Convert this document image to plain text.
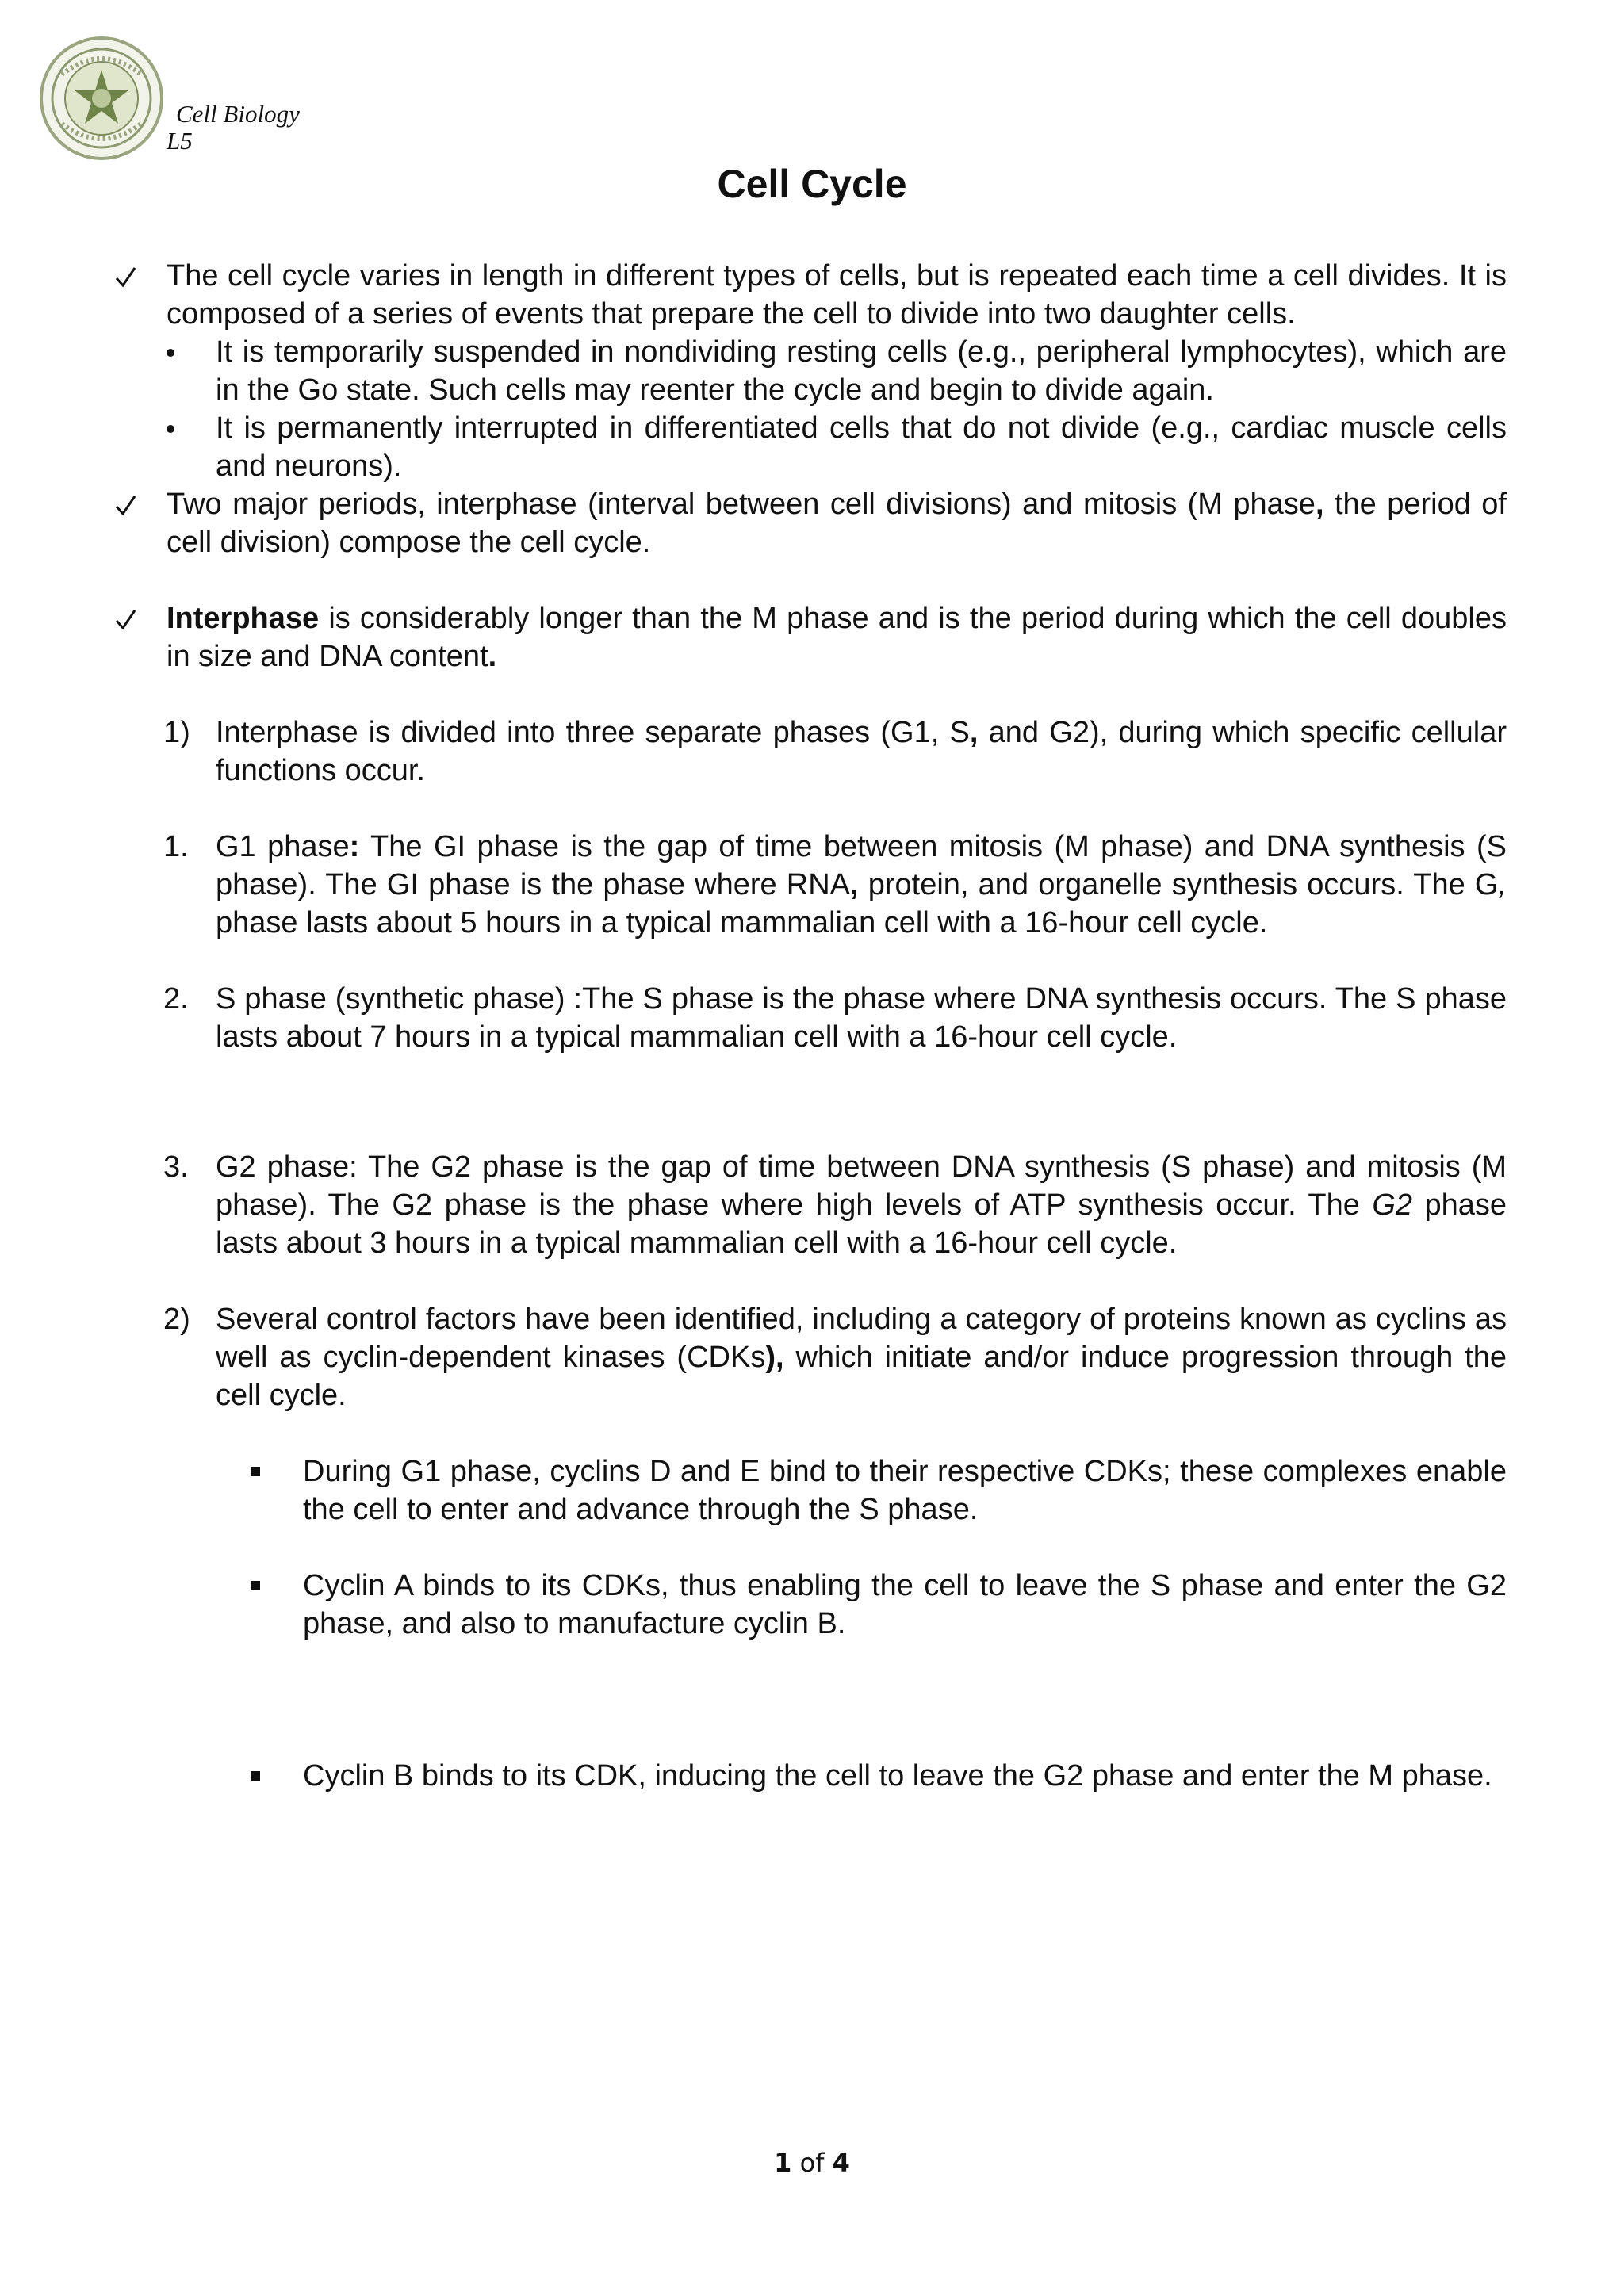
Cell Biology
L5
Cell Cycle
The cell cycle varies in length in different types of cells, but is repeated each time a cell divides. It is composed of a series of events that prepare the cell to divide into two daughter cells.
It is temporarily suspended in nondividing resting cells (e.g., peripheral lymphocytes), which are in the Go state. Such cells may reenter the cycle and begin to divide again.
It is permanently interrupted in differentiated cells that do not divide (e.g., cardiac muscle cells and neurons).
Two major periods, interphase (interval between cell divisions) and mitosis (M phase, the period of cell division) compose the cell cycle.
Interphase is considerably longer than the M phase and is the period during which the cell doubles in size and DNA content.
1) Interphase is divided into three separate phases (G1, S, and G2), during which specific cellular functions occur.
1. G1 phase: The GI phase is the gap of time between mitosis (M phase) and DNA synthesis (S phase). The GI phase is the phase where RNA, protein, and organelle synthesis occurs. The G, phase lasts about 5 hours in a typical mammalian cell with a 16-hour cell cycle.
2. S phase (synthetic phase) :The S phase is the phase where DNA synthesis occurs. The S phase lasts about 7 hours in a typical mammalian cell with a 16-hour cell cycle.
3. G2 phase: The G2 phase is the gap of time between DNA synthesis (S phase) and mitosis (M phase). The G2 phase is the phase where high levels of ATP synthesis occur. The G2 phase lasts about 3 hours in a typical mammalian cell with a 16-hour cell cycle.
2) Several control factors have been identified, including a category of proteins known as cyclins as well as cyclin-dependent kinases (CDKs), which initiate and/or induce progression through the cell cycle.
During G1 phase, cyclins D and E bind to their respective CDKs; these complexes enable the cell to enter and advance through the S phase.
Cyclin A binds to its CDKs, thus enabling the cell to leave the S phase and enter the G2 phase, and also to manufacture cyclin B.
Cyclin B binds to its CDK, inducing the cell to leave the G2 phase and enter the M phase.
1 of 4
